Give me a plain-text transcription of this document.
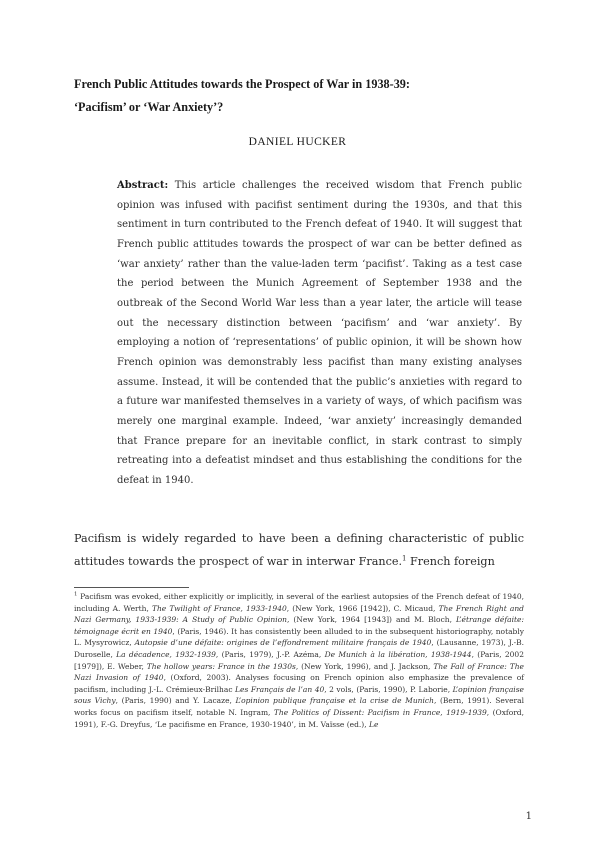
French Public Attitudes towards the Prospect of War in 1938-39:
‘Pacifism’ or ‘War Anxiety’?
DANIEL HUCKER
Abstract: This article challenges the received wisdom that French public opinion was infused with pacifist sentiment during the 1930s, and that this sentiment in turn contributed to the French defeat of 1940. It will suggest that French public attitudes towards the prospect of war can be better defined as ‘war anxiety’ rather than the value-laden term ‘pacifist’. Taking as a test case the period between the Munich Agreement of September 1938 and the outbreak of the Second World War less than a year later, the article will tease out the necessary distinction between ‘pacifism’ and ‘war anxiety’. By employing a notion of ‘representations’ of public opinion, it will be shown how French opinion was demonstrably less pacifist than many existing analyses assume. Instead, it will be contended that the public’s anxieties with regard to a future war manifested themselves in a variety of ways, of which pacifism was merely one marginal example. Indeed, ‘war anxiety’ increasingly demanded that France prepare for an inevitable conflict, in stark contrast to simply retreating into a defeatist mindset and thus establishing the conditions for the defeat in 1940.
Pacifism is widely regarded to have been a defining characteristic of public attitudes towards the prospect of war in interwar France.$^1$ French foreign
$^1$ Pacifism was evoked, either explicitly or implicitly, in several of the earliest autopsies of the French defeat of 1940, including A. Werth, The Twilight of France, 1933-1940, (New York, 1966 [1942]), C. Micaud, The French Right and Nazi Germany, 1933-1939: A Study of Public Opinion, (New York, 1964 [1943]) and M. Bloch, L’étrange défaite: témoignage écrit en 1940, (Paris, 1946). It has consistently been alluded to in the subsequent historiography, notably L. Mysyrowicz, Autopsie d’une défaite: origines de l’effondrement militaire français de 1940, (Lausanne, 1973), J.-B. Duroselle, La décadence, 1932-1939, (Paris, 1979), J.-P. Azéma, De Munich à la libération, 1938-1944, (Paris, 2002 [1979]), E. Weber, The hollow years: France in the 1930s, (New York, 1996), and J. Jackson, The Fall of France: The Nazi Invasion of 1940, (Oxford, 2003). Analyses focusing on French opinion also emphasize the prevalence of pacifism, including J.-L. Crémieux-Brilhac Les Français de l’an 40, 2 vols, (Paris, 1990), P. Laborie, L’opinion française sous Vichy, (Paris, 1990) and Y. Lacaze, L’opinion publique française et la crise de Munich, (Bern, 1991). Several works focus on pacifism itself, notable N. Ingram, The Politics of Dissent: Pacifism in France, 1919-1939, (Oxford, 1991), F.-G. Dreyfus, ‘Le pacifisme en France, 1930-1940’, in M. Vaïsse (ed.), Le
1
